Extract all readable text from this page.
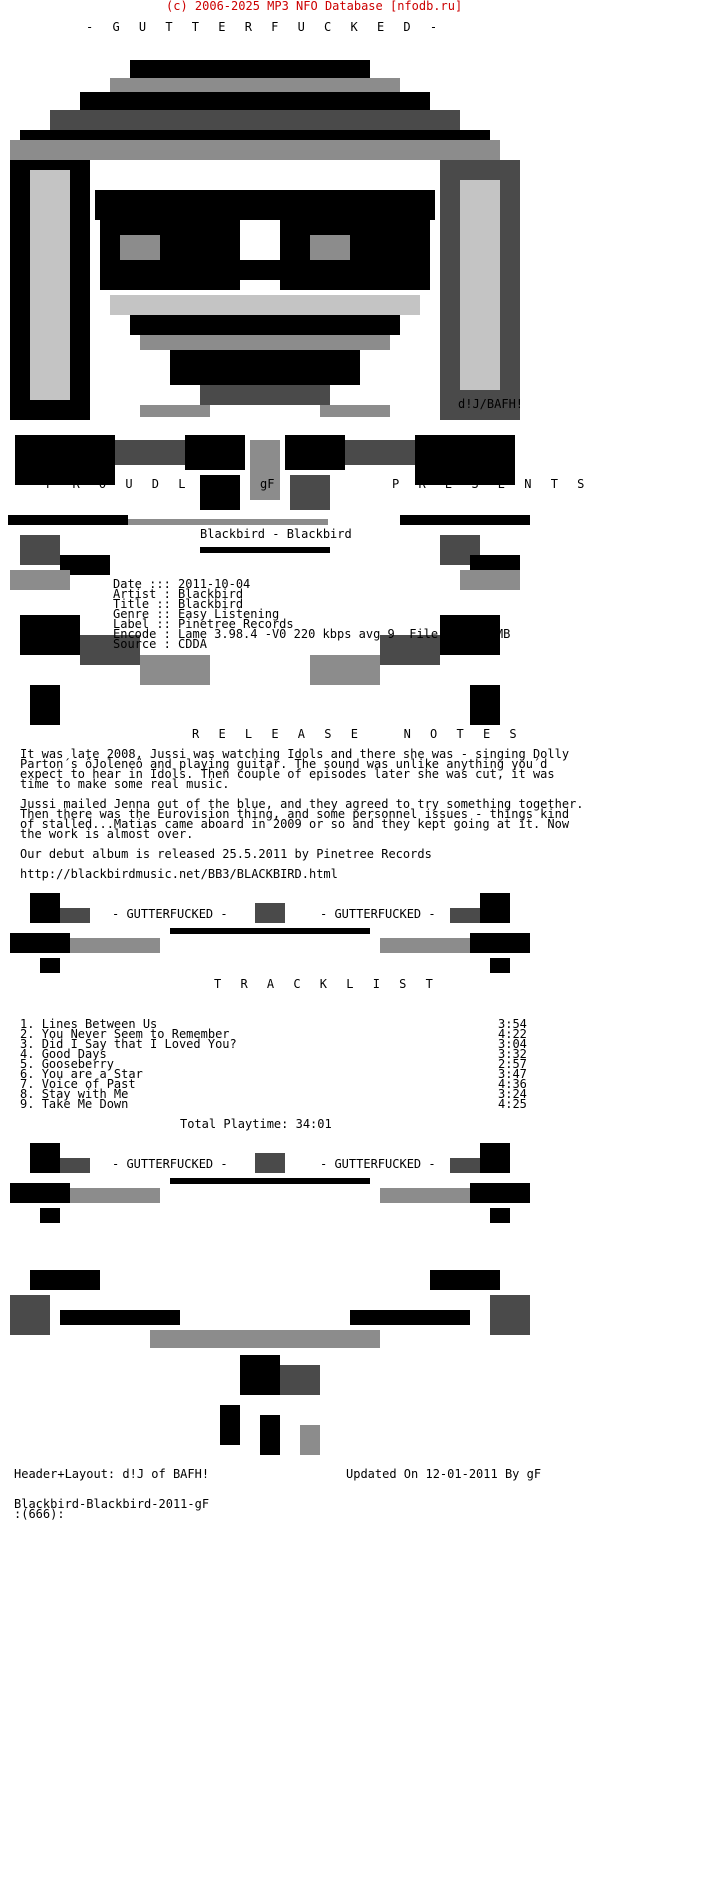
(c) 2006-2025 MP3 NFO Database [nfodb.ru]
- G U T T E R F U C K E D -
d!J/BAFH!
P R O U D L Y	gF	P R E S E N T S
Blackbird - Blackbird
Date ::: 2011-10-04
Artist : Blackbird
Title :: Blackbird
Genre :: Easy Listening
Label :: Pinetree Records
Encode : Lame 3.98.4 -V0 220 kbps avg 9  File(s)  56 MB
Source : CDDA
R E L E A S E   N O T E S
It was late 2008, Jussi was watching Idols and there she was - singing Dolly
Parton´s ôJoleneö and playing guitar. The sound was unlike anything you´d
expect to hear in Idols. Then couple of episodes later she was cut, it was
time to make some real music.
Jussi mailed Jenna out of the blue, and they agreed to try something together.
Then there was the Eurovision thing, and some personnel issues - things kind
of stalled...Matias came aboard in 2009 or so and they kept going at it. Now
the work is almost over.
Our debut album is released 25.5.2011 by Pinetree Records
http://blackbirdmusic.net/BB3/BLACKBIRD.html
- GUTTERFUCKED -	- GUTTERFUCKED -
T R A C K L I S T
1. Lines Between Us	3:54
2. You Never Seem to Remember	4:22
3. Did I Say that I Loved You?	3:04
4. Good Days	3:32
5. Gooseberry	2:57
6. You are a Star	3:47
7. Voice of Past	4:36
8. Stay with Me	3:24
9. Take Me Down	4:25
Total Playtime: 34:01
- GUTTERFUCKED -	- GUTTERFUCKED -
Header+Layout: d!J of BAFH!	Updated On 12-01-2011 By gF
Blackbird-Blackbird-2011-gF
:(666):
